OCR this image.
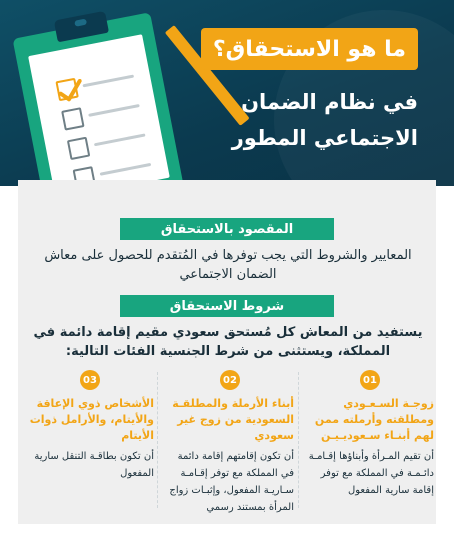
ما هو الاستحقاق؟
في نظام الضمان
الاجتماعي المطور
المقصود بالاستحقاق
المعايير والشروط التي يجب توفرها في المُتقدم للحصول على معاش الضمان الاجتماعي
شروط الاستحقاق
يستفيد من المعاش كل مُستحق سعودي مقيم إقامة دائمة في المملكة، ويستثنى من شرط الجنسية الفئات التالية:
01
زوجـة السـعـودي ومطلقته وأرملته ممن لهم أبنـاء سـعوديـيـن
أن تقيم المـرأة وأبناؤها إقـامـة دائـمـة في المملكة مع توفر إقامة سارية المفعول
02
أبناء الأرملة والمطلقـة السعودية من زوج غير سعودي
أن تكون إقامتهم إقامة دائمة في المملكة مع توفر إقـامـة سـاريـة المفعول، وإثبـات زواج المرأة بمستند رسمي
03
الأشخاص ذوي الإعاقة والأيتام، والأرامل ذوات الأيتام
أن تكون بطاقـة التنقل سارية المفعول
